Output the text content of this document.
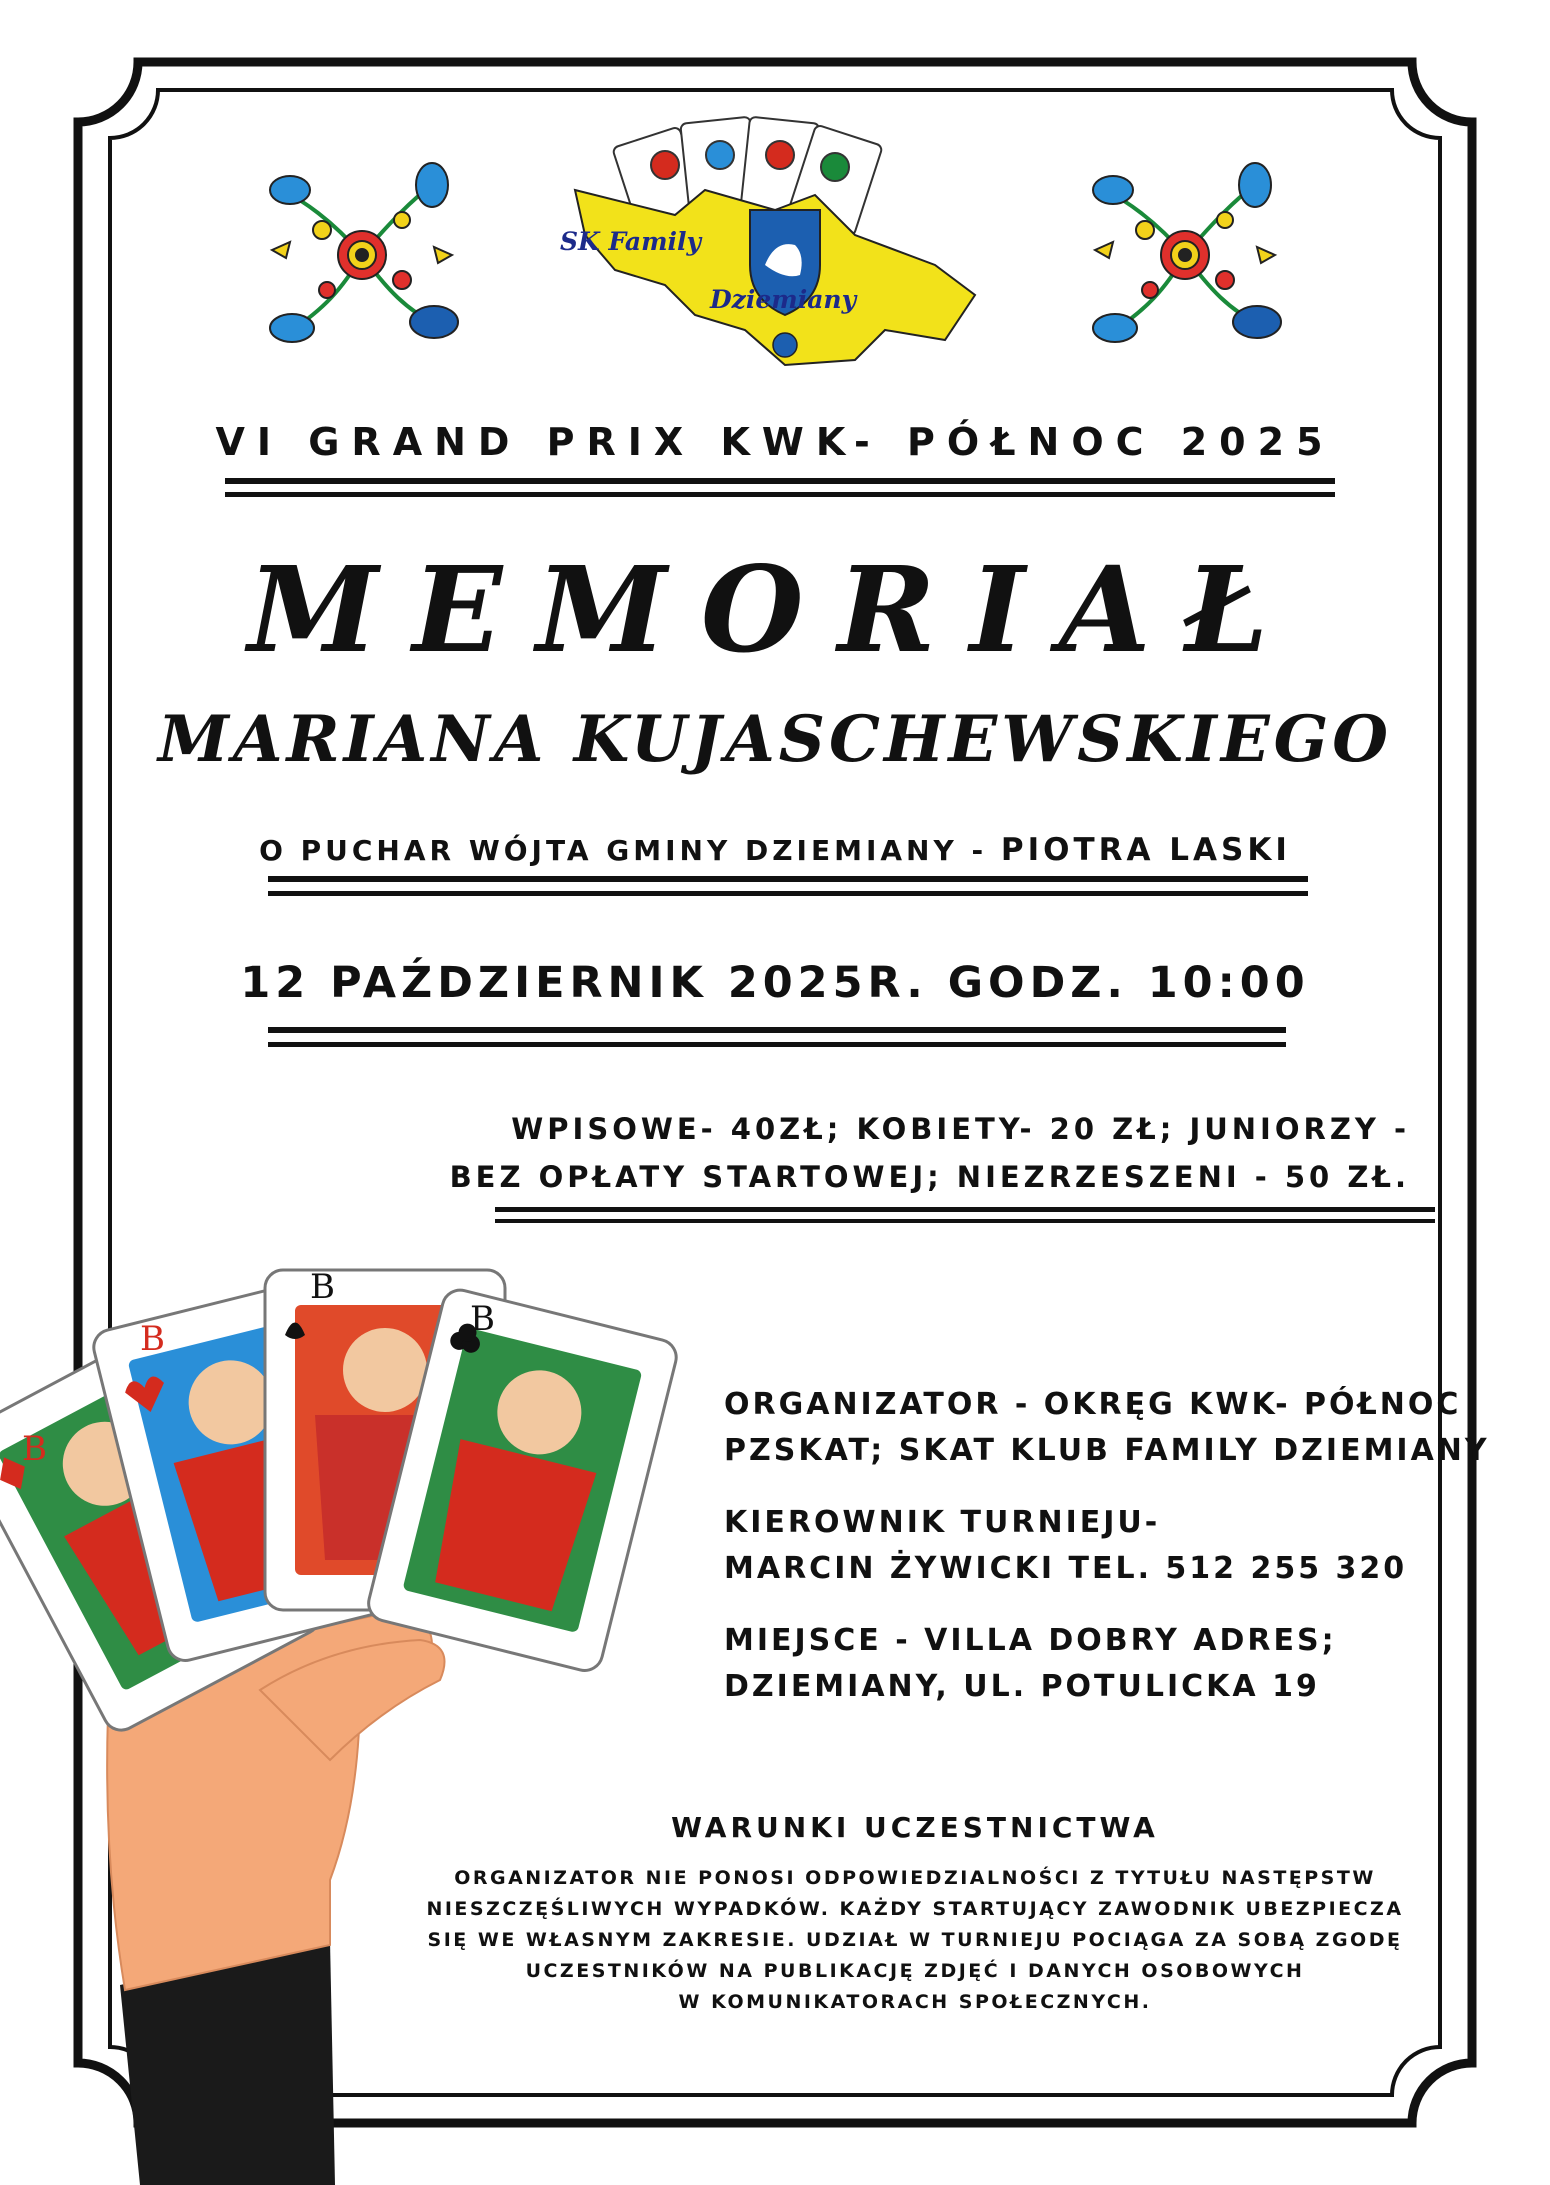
SK Family
Dziemiany
VI GRAND PRIX KWK- PÓŁNOC 2025
MEMORIAŁ
MARIANA KUJASCHEWSKIEGO
O PUCHAR WÓJTA GMINY DZIEMIANY - PIOTRA LASKI
12 PAŹDZIERNIK 2025R. GODZ. 10:00
WPISOWE- 40ZŁ; KOBIETY- 20 ZŁ; JUNIORZY -
BEZ OPŁATY STARTOWEJ; NIEZRZESZENI - 50 ZŁ.
B
B
B
B
ORGANIZATOR - OKRĘG KWK- PÓŁNOC
PZSKAT; SKAT KLUB FAMILY DZIEMIANY
KIEROWNIK TURNIEJU-
MARCIN ŻYWICKI TEL. 512 255 320
MIEJSCE - VILLA DOBRY ADRES;
DZIEMIANY, UL. POTULICKA 19
WARUNKI UCZESTNICTWA
ORGANIZATOR NIE PONOSI ODPOWIEDZIALNOŚCI Z TYTUŁU NASTĘPSTW
NIESZCZĘŚLIWYCH WYPADKÓW. KAŻDY STARTUJĄCY ZAWODNIK UBEZPIECZA
SIĘ WE WŁASNYM ZAKRESIE. UDZIAŁ W TURNIEJU POCIĄGA ZA SOBĄ ZGODĘ
UCZESTNIKÓW NA PUBLIKACJĘ ZDJĘĆ I DANYCH OSOBOWYCH
W KOMUNIKATORACH SPOŁECZNYCH.
